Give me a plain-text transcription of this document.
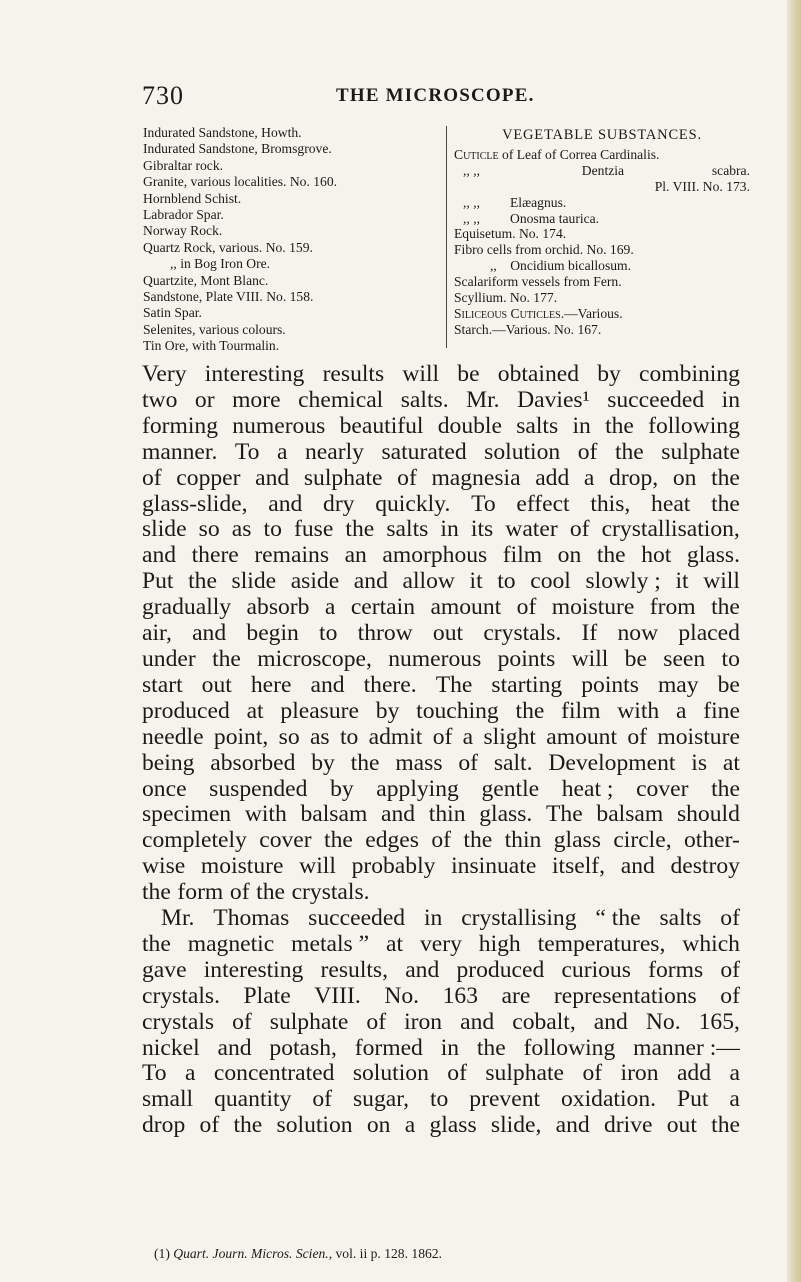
730	THE MICROSCOPE.
Indurated Sandstone, Howth.
Indurated Sandstone, Bromsgrove.
Gibraltar rock.
Granite, various localities. No. 160.
Hornblend Schist.
Labrador Spar.
Norway Rock.
Quartz Rock, various. No. 159.
,, in Bog Iron Ore.
Quartzite, Mont Blanc.
Sandstone, Plate VIII. No. 158.
Satin Spar.
Selenites, various colours.
Tin Ore, with Tourmalin.
VEGETABLE SUBSTANCES.
Cuticle of Leaf of Correa Cardinalis.
,, ,,	Dentzia	scabra.
Pl. VIII. No. 173.
,, ,, Elæagnus.
,, ,, Onosma taurica.
Equisetum. No. 174.
Fibro cells from orchid. No. 169.
,, Oncidium bicallosum.
Scalariform vessels from Fern.
Scyllium. No. 177.
Siliceous Cuticles.—Various.
Starch.—Various. No. 167.
Very interesting results will be obtained by combining
two or more chemical salts. Mr. Davies¹ succeeded in
forming numerous beautiful double salts in the following
manner. To a nearly saturated solution of the sulphate
of copper and sulphate of magnesia add a drop, on the
glass-slide, and dry quickly. To effect this, heat the
slide so as to fuse the salts in its water of crystallisation,
and there remains an amorphous film on the hot glass.
Put the slide aside and allow it to cool slowly ; it will
gradually absorb a certain amount of moisture from the
air, and begin to throw out crystals. If now placed
under the microscope, numerous points will be seen to
start out here and there. The starting points may be
produced at pleasure by touching the film with a fine
needle point, so as to admit of a slight amount of moisture
being absorbed by the mass of salt. Development is at
once suspended by applying gentle heat ; cover the
specimen with balsam and thin glass. The balsam should
completely cover the edges of the thin glass circle, other-
wise moisture will probably insinuate itself, and destroy
the form of the crystals.
Mr. Thomas succeeded in crystallising “ the salts of
the magnetic metals ” at very high temperatures, which
gave interesting results, and produced curious forms of
crystals. Plate VIII. No. 163 are representations of
crystals of sulphate of iron and cobalt, and No. 165,
nickel and potash, formed in the following manner :—
To a concentrated solution of sulphate of iron add a
small quantity of sugar, to prevent oxidation. Put a
drop of the solution on a glass slide, and drive out the
(1) Quart. Journ. Micros. Scien., vol. ii p. 128. 1862.
